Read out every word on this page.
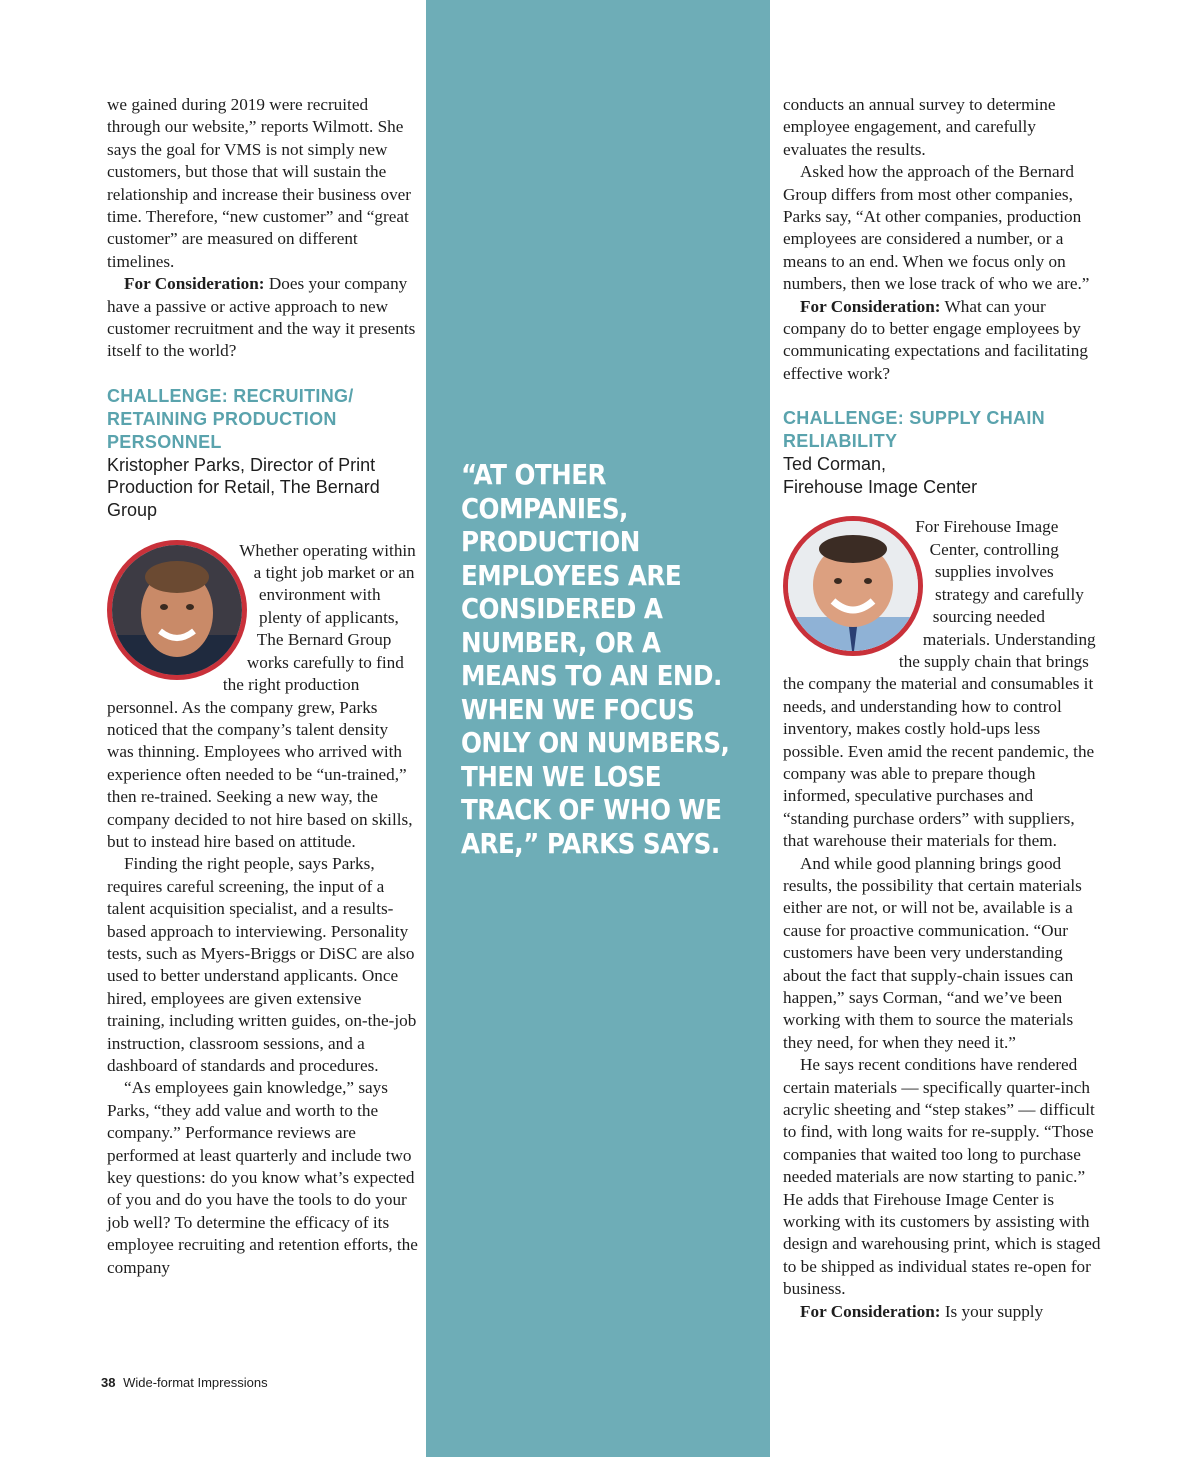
“AT OTHER COMPANIES, PRODUCTION EMPLOYEES ARE CONSIDERED A NUMBER, OR A MEANS TO AN END. WHEN WE FOCUS ONLY ON NUMBERS, THEN WE LOSE TRACK OF WHO WE ARE,” PARKS SAYS.

we gained during 2019 were recruited through our website,” reports Wilmott. She says the goal for VMS is not simply new customers, but those that will sustain the relationship and increase their business over time. Therefore, “new customer” and “great customer” are measured on different timelines.

For Consideration: Does your company have a passive or active approach to new customer recruitment and the way it presents itself to the world?

CHALLENGE: RECRUITING/ RETAINING PRODUCTION PERSONNEL
Kristopher Parks, Director of Print Production for Retail, The Bernard Group

Whether operating within a tight job market or an environment with plenty of applicants, The Bernard Group works carefully to find the right production personnel. As the company grew, Parks noticed that the company’s talent density was thinning. Employees who arrived with experience often needed to be “un-trained,” then re-trained. Seeking a new way, the company decided to not hire based on skills, but to instead hire based on attitude.

Finding the right people, says Parks, requires careful screening, the input of a talent acquisition specialist, and a results-based approach to interviewing. Personality tests, such as Myers-Briggs or DiSC are also used to better understand applicants. Once hired, employees are given extensive training, including written guides, on-the-job instruction, classroom sessions, and a dashboard of standards and procedures.

“As employees gain knowledge,” says Parks, “they add value and worth to the company.” Performance reviews are performed at least quarterly and include two key questions: do you know what’s expected of you and do you have the tools to do your job well? To determine the efficacy of its employee recruiting and retention efforts, the company

conducts an annual survey to determine employee engagement, and carefully evaluates the results.

Asked how the approach of the Bernard Group differs from most other companies, Parks say, “At other companies, production employees are considered a number, or a means to an end. When we focus only on numbers, then we lose track of who we are.”

For Consideration: What can your company do to better engage employees by communicating expectations and facilitating effective work?

CHALLENGE: SUPPLY CHAIN RELIABILITY
Ted Corman,
Firehouse Image Center

For Firehouse Image Center, controlling supplies involves strategy and carefully sourcing needed materials. Understanding the supply chain that brings the company the material and consumables it needs, and understanding how to control inventory, makes costly hold-ups less possible. Even amid the recent pandemic, the company was able to prepare though informed, speculative purchases and “standing purchase orders” with suppliers, that warehouse their materials for them.

And while good planning brings good results, the possibility that certain materials either are not, or will not be, available is a cause for proactive communication. “Our customers have been very understanding about the fact that supply-chain issues can happen,” says Corman, “and we’ve been working with them to source the materials they need, for when they need it.”

He says recent conditions have rendered certain materials — specifically quarter-inch acrylic sheeting and “step stakes” — difficult to find, with long waits for re-supply. “Those companies that waited too long to purchase needed materials are now starting to panic.” He adds that Firehouse Image Center is working with its customers by assisting with design and warehousing print, which is staged to be shipped as individual states re-open for business.

For Consideration: Is your supply

38 Wide-format Impressions
